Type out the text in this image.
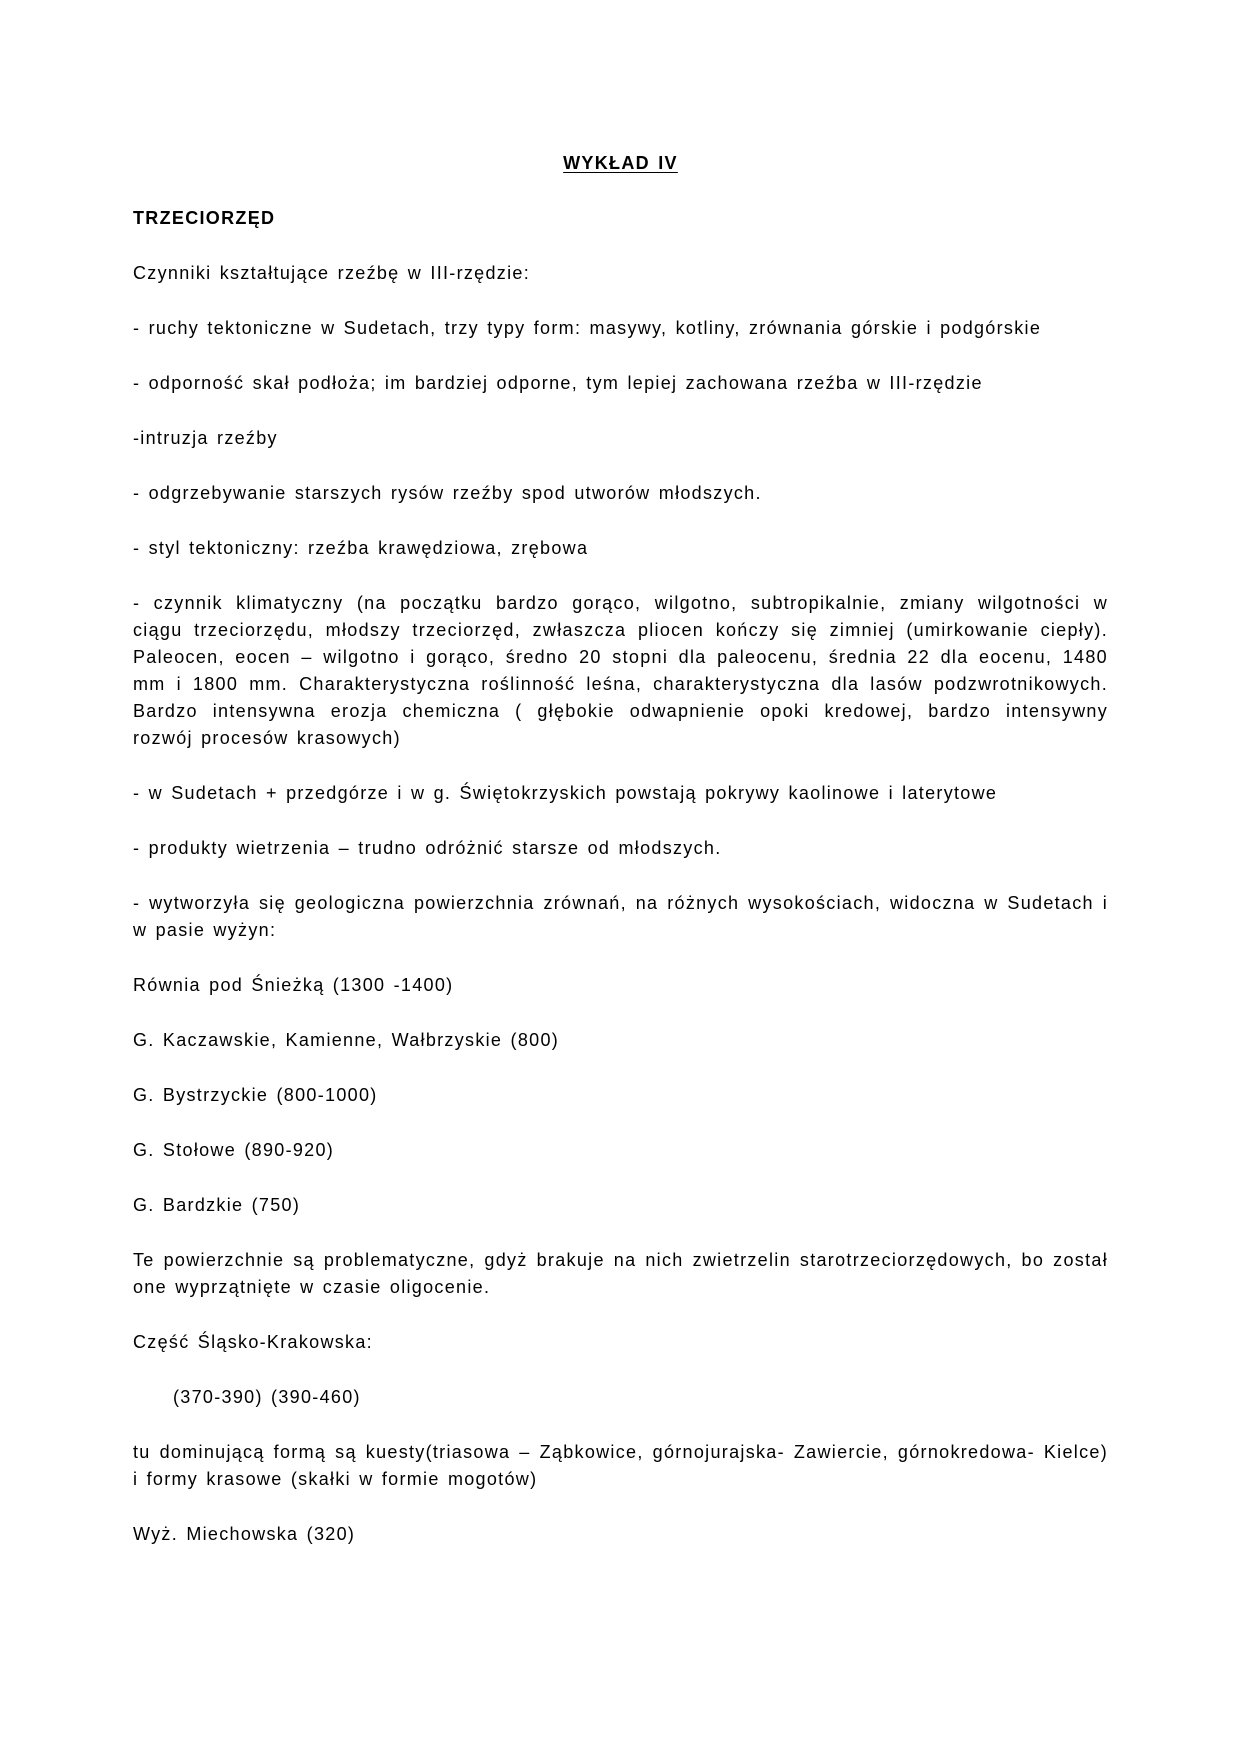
WYKŁAD IV

TRZECIORZĘD

Czynniki kształtujące rzeźbę w III-rzędzie:

- ruchy tektoniczne w Sudetach, trzy typy form: masywy, kotliny, zrównania górskie i podgórskie

- odporność skał podłoża; im bardziej odporne, tym lepiej zachowana rzeźba w III-rzędzie

-intruzja rzeźby

- odgrzebywanie starszych rysów rzeźby spod utworów młodszych.

- styl tektoniczny: rzeźba krawędziowa, zrębowa

- czynnik klimatyczny (na początku bardzo gorąco, wilgotno, subtropikalnie, zmiany wilgotności w ciągu trzeciorzędu, młodszy trzeciorzęd, zwłaszcza pliocen kończy się zimniej (umirkowanie ciepły). Paleocen, eocen – wilgotno i gorąco, średno 20 stopni dla paleocenu, średnia 22 dla eocenu, 1480 mm i 1800 mm. Charakterystyczna roślinność leśna, charakterystyczna dla lasów podzwrotnikowych. Bardzo intensywna erozja chemiczna ( głębokie odwapnienie opoki kredowej, bardzo intensywny rozwój procesów krasowych)

- w Sudetach + przedgórze i w g. Świętokrzyskich powstają pokrywy kaolinowe i laterytowe

- produkty wietrzenia – trudno odróżnić starsze od młodszych.

- wytworzyła się geologiczna powierzchnia zrównań, na różnych wysokościach, widoczna w Sudetach i w pasie wyżyn:

Równia pod Śnieżką (1300 -1400)

G. Kaczawskie, Kamienne, Wałbrzyskie (800)

G. Bystrzyckie (800-1000)

G. Stołowe (890-920)

G. Bardzkie (750)

Te powierzchnie są problematyczne, gdyż brakuje na nich zwietrzelin starotrzeciorzędowych, bo został one wyprzątnięte w czasie oligocenie.

Część Śląsko-Krakowska:

(370-390) (390-460)

tu dominującą formą są kuesty(triasowa – Ząbkowice, górnojurajska- Zawiercie, górnokredowa- Kielce) i formy krasowe (skałki w formie mogotów)

Wyż. Miechowska (320)
